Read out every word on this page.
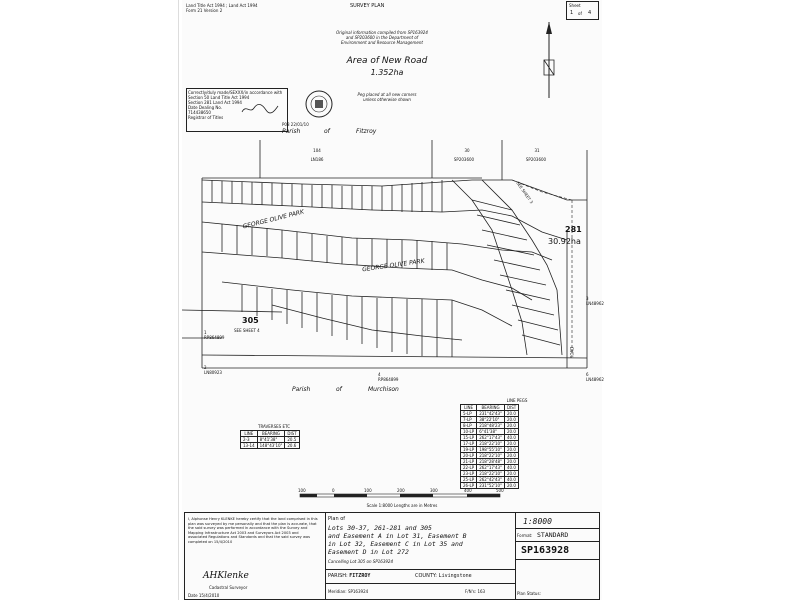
Land Title Act 1994 ; Land Act 1994
Form 21 Version 2
SURVEY PLAN	Sheet
1 of 4
Original information compiled from SP163924
and SP203600 in the Department of
Environment and Resource Management
Area of New Road
1.352ha
Correctly/duly made/SEXXX/in accordance with
Section 50 Land Title Act 1994
Section 281 Land Act 1994
Date Dealing No.
714438650
Registrar of Titles
P08 22/01/10
Peg placed at all new corners
unless otherwise shown
Parish	of	Fitzroy
281
30.92ha
305
SEE SHEET 4
SEE SHEET 3
GEORGE OLIVE PARK
GEORGE OLIVE PARK
ROAD
104
LN186
30
SP203600
31
SP203600
3
LN48962
6
LN48962
1
RP864899
2
LN80923	4
RP864899
Parish	of	Murchison
LINE PEGS
LINE	BEARING	DIST
5-LP	231°42'43"	20.0
7-LP	38°22'10"	20.0
8-LP	218°48'23"	20.0
10-LP	6°41'38"	20.0
15-LP	262°17'43"	40.0
17-LP	218°22'10"	20.0
19-LP	198°55'10"	20.0
20-LP	218°22'10"	20.0
21-LP	218°28'48"	20.0
22-LP	262°17'43"	40.0
23-LP	218°22'10"	20.0
25-LP	262°42'43"	40.0
26-LP	231°52'10"	20.0
TRAVERSES ETC
LINE	BEARING	DIST
2-3	8°41'38"	20.5
13-14	148°43'10"	20.6
100	0	100	200	300	400	500
Scale 1:8000 Lengths are in Metres
I, Alphonse Henry KLENKE hereby certify that the land comprised in this plan was surveyed by me personally and that the plan is accurate, that the said survey was performed in accordance with the Survey and Mapping Infrastructure Act 2003 and Surveyors Act 2003 and associated Regulations and Standards and that the said survey was completed on 15/4/2010
AHKlenke
Cadastral Surveyor
Date 15/4/2010
Plan of
Lots 30-37, 261-281 and 305
and Easement A in Lot 31, Easement B
in Lot 32, Easement C in Lot 35 and
Easement D in Lot 272
Cancelling Lot 305 on SP163924
PARISH: FITZROY	COUNTY: Livingstone
Meridian: SP163924	F/N's: 163
1:8000
Format: STANDARD
SP163928
Plan Status:
